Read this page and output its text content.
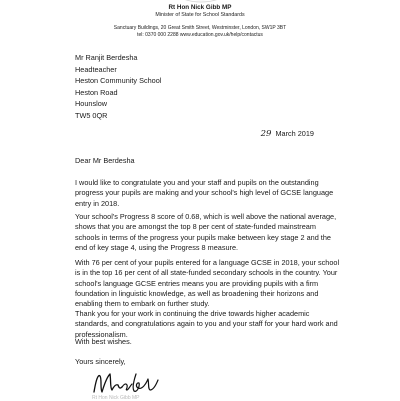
Rt Hon Nick Gibb MP
Minister of State for School Standards
Sanctuary Buildings, 20 Great Smith Street, Westminster, London, SW1P 3BT
tel: 0370 000 2288 www.education.gov.uk/help/contactus
Mr Ranjit Berdesha
Headteacher
Heston Community School
Heston Road
Hounslow
TW5 0QR
29 March 2019

Dear Mr Berdesha

I would like to congratulate you and your staff and pupils on the outstanding
progress your pupils are making and your school's high level of GCSE language
entry in 2018.

Your school's Progress 8 score of 0.68, which is well above the national average,
shows that you are amongst the top 8 per cent of state-funded mainstream
schools in terms of the progress your pupils make between key stage 2 and the
end of key stage 4, using the Progress 8 measure.

With 76 per cent of your pupils entered for a language GCSE in 2018, your school
is in the top 16 per cent of all state-funded secondary schools in the country. Your
school's language GCSE entries means you are providing pupils with a firm
foundation in linguistic knowledge, as well as broadening their horizons and
enabling them to embark on further study.

Thank you for your work in continuing the drive towards higher academic
standards, and congratulations again to you and your staff for your hard work and
professionalism.

With best wishes.

Yours sincerely,

Rt Hon Nick Gibb MP
